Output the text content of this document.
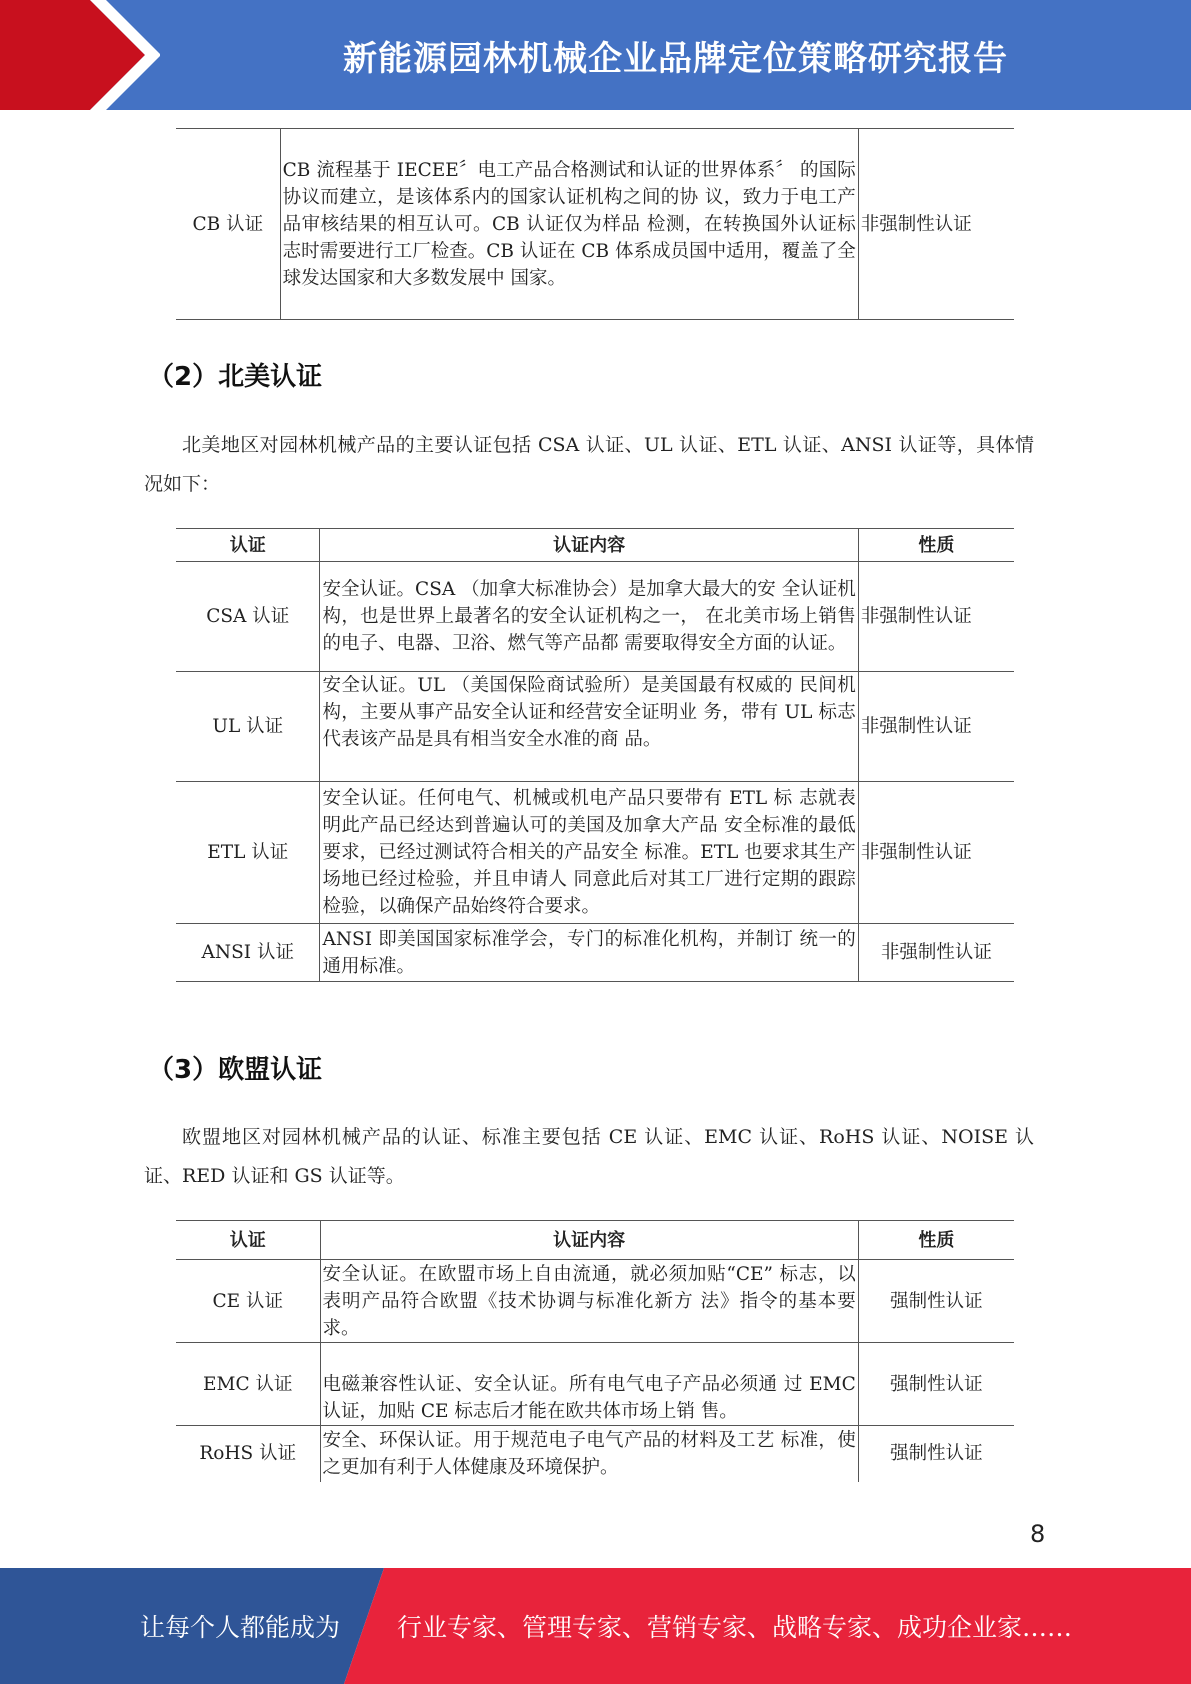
新能源园林机械企业品牌定位策略研究报告
CB 认证	CB 流程基于 IECEE〞电工产品合格测试和认证的世界体系〞 的国际协议而建立，是该体系内的国家认证机构之间的协 议，致力于电工产品审核结果的相互认可。CB 认证仅为样品 检测，在转换国外认证标志时需要进行工厂检查。CB 认证在 CB 体系成员国中适用，覆盖了全球发达国家和大多数发展中 国家。	非强制性认证
（2）北美认证
北美地区对园林机械产品的主要认证包括 CSA 认证、UL 认证、ETL 认证、ANSI 认证等，具体情况如下：
认证	认证内容	性质
CSA 认证	安全认证。CSA （加拿大标准协会）是加拿大最大的安 全认证机构，也是世界上最著名的安全认证机构之一， 在北美市场上销售的电子、电器、卫浴、燃气等产品都 需要取得安全方面的认证。	非强制性认证
UL 认证	安全认证。UL （美国保险商试验所）是美国最有权威的 民间机构，主要从事产品安全认证和经营安全证明业 务，带有 UL 标志代表该产品是具有相当安全水准的商 品。	非强制性认证
ETL 认证	安全认证。任何电气、机械或机电产品只要带有 ETL 标 志就表明此产品已经达到普遍认可的美国及加拿大产品 安全标准的最低要求，已经过测试符合相关的产品安全 标准。ETL 也要求其生产场地已经过检验，并且申请人 同意此后对其工厂进行定期的跟踪检验，以确保产品始终符合要求。	非强制性认证
ANSI 认证	ANSI 即美国国家标准学会，专门的标准化机构，并制订 统一的通用标准。	非强制性认证
（3）欧盟认证
欧盟地区对园林机械产品的认证、标准主要包括 CE 认证、EMC 认证、RoHS 认证、NOISE 认证、RED 认证和 GS 认证等。
认证	认证内容	性质
CE 认证	安全认证。在欧盟市场上自由流通，就必须加贴“CE” 标志，以表明产品符合欧盟《技术协调与标准化新方 法》指令的基本要求。	强制性认证
EMC 认证	电磁兼容性认证、安全认证。所有电气电子产品必须通 过 EMC 认证，加贴 CE 标志后才能在欧共体市场上销 售。	强制性认证
RoHS 认证	安全、环保认证。用于规范电子电气产品的材料及工艺 标准，使之更加有利于人体健康及环境保护。	强制性认证
8
让每个人都能成为 行业专家、管理专家、营销专家、战略专家、成功企业家……
